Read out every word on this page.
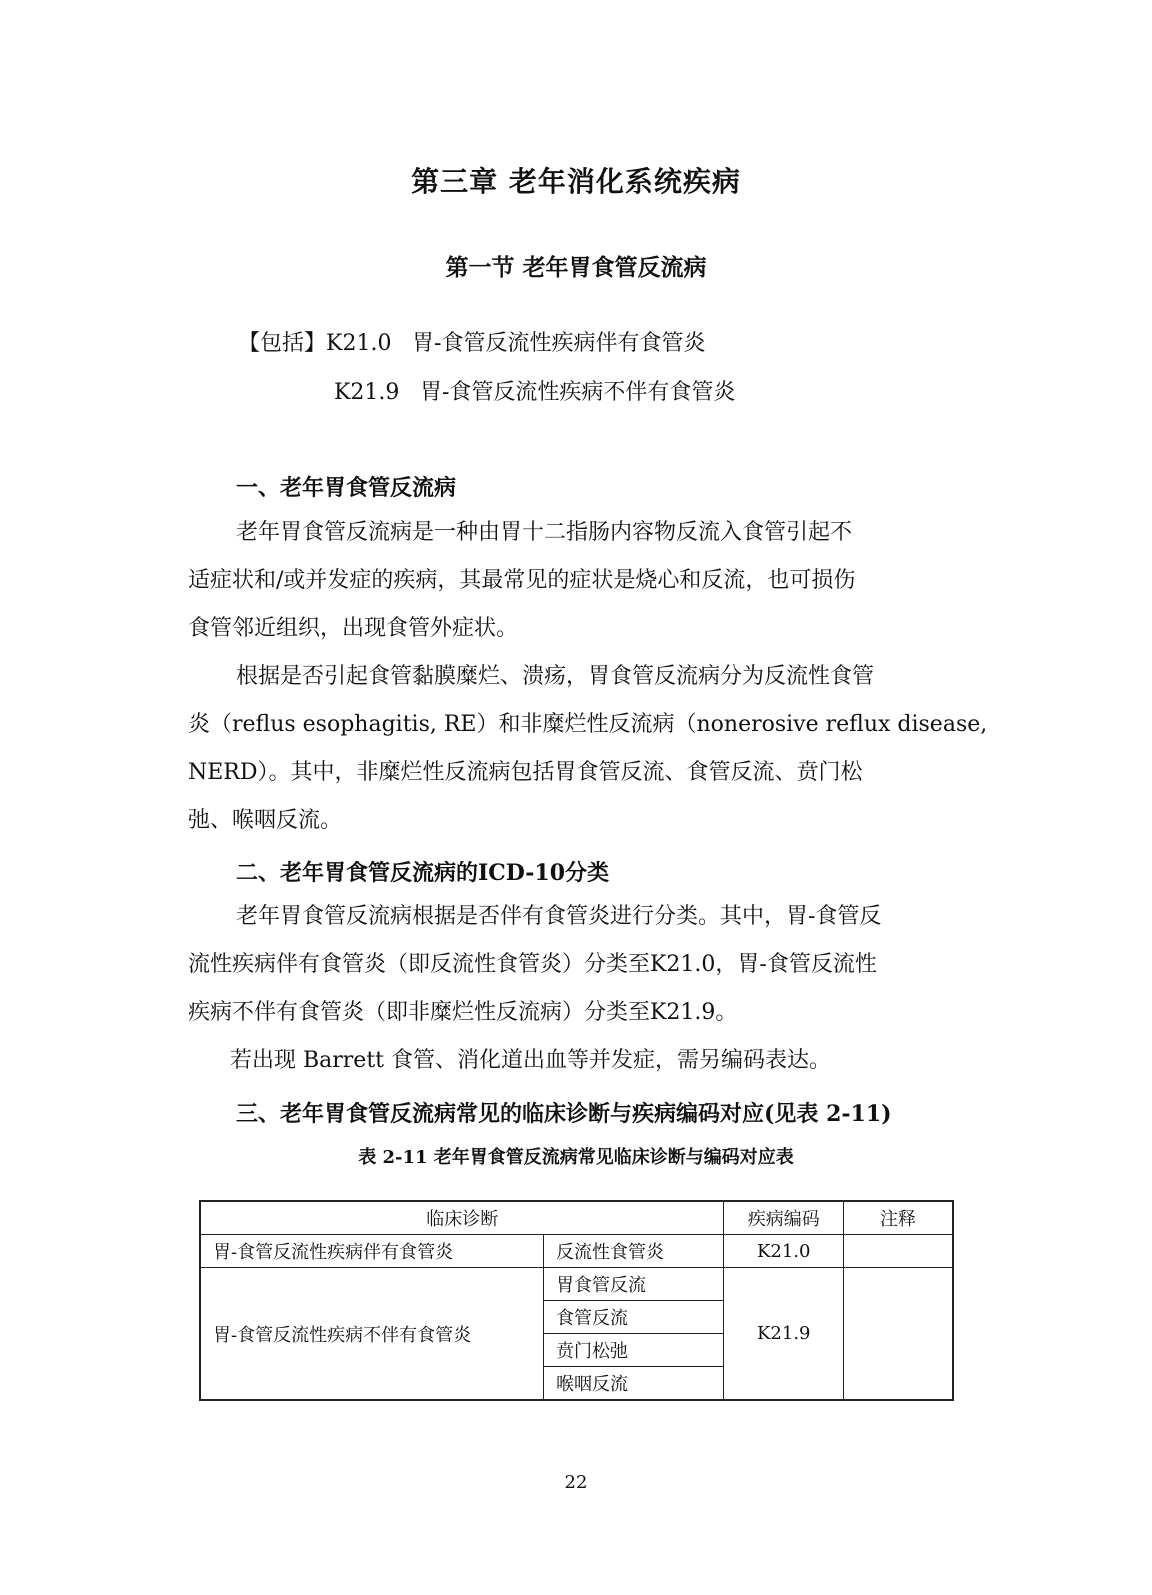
第三章 老年消化系统疾病
第一节 老年胃食管反流病
【包括】K21.0 胃-食管反流性疾病伴有食管炎
K21.9 胃-食管反流性疾病不伴有食管炎
一、老年胃食管反流病
老年胃食管反流病是一种由胃十二指肠内容物反流入食管引起不
适症状和/或并发症的疾病，其最常见的症状是烧心和反流，也可损伤
食管邻近组织，出现食管外症状。
根据是否引起食管黏膜糜烂、溃疡，胃食管反流病分为反流性食管
炎（reflus esophagitis, RE）和非糜烂性反流病（nonerosive reflux disease,
NERD）。其中，非糜烂性反流病包括胃食管反流、食管反流、贲门松
弛、喉咽反流。
二、老年胃食管反流病的ICD-10分类
老年胃食管反流病根据是否伴有食管炎进行分类。其中，胃-食管反
流性疾病伴有食管炎（即反流性食管炎）分类至K21.0，胃-食管反流性
疾病不伴有食管炎（即非糜烂性反流病）分类至K21.9。
若出现 Barrett 食管、消化道出血等并发症，需另编码表达。
三、老年胃食管反流病常见的临床诊断与疾病编码对应(见表 2-11)
表 2-11 老年胃食管反流病常见临床诊断与编码对应表
临床诊断		疾病编码	注释
胃-食管反流性疾病伴有食管炎	反流性食管炎	K21.0	
胃-食管反流性疾病不伴有食管炎	胃食管反流	K21.9	
	食管反流		
	贲门松弛		
	喉咽反流		
22
